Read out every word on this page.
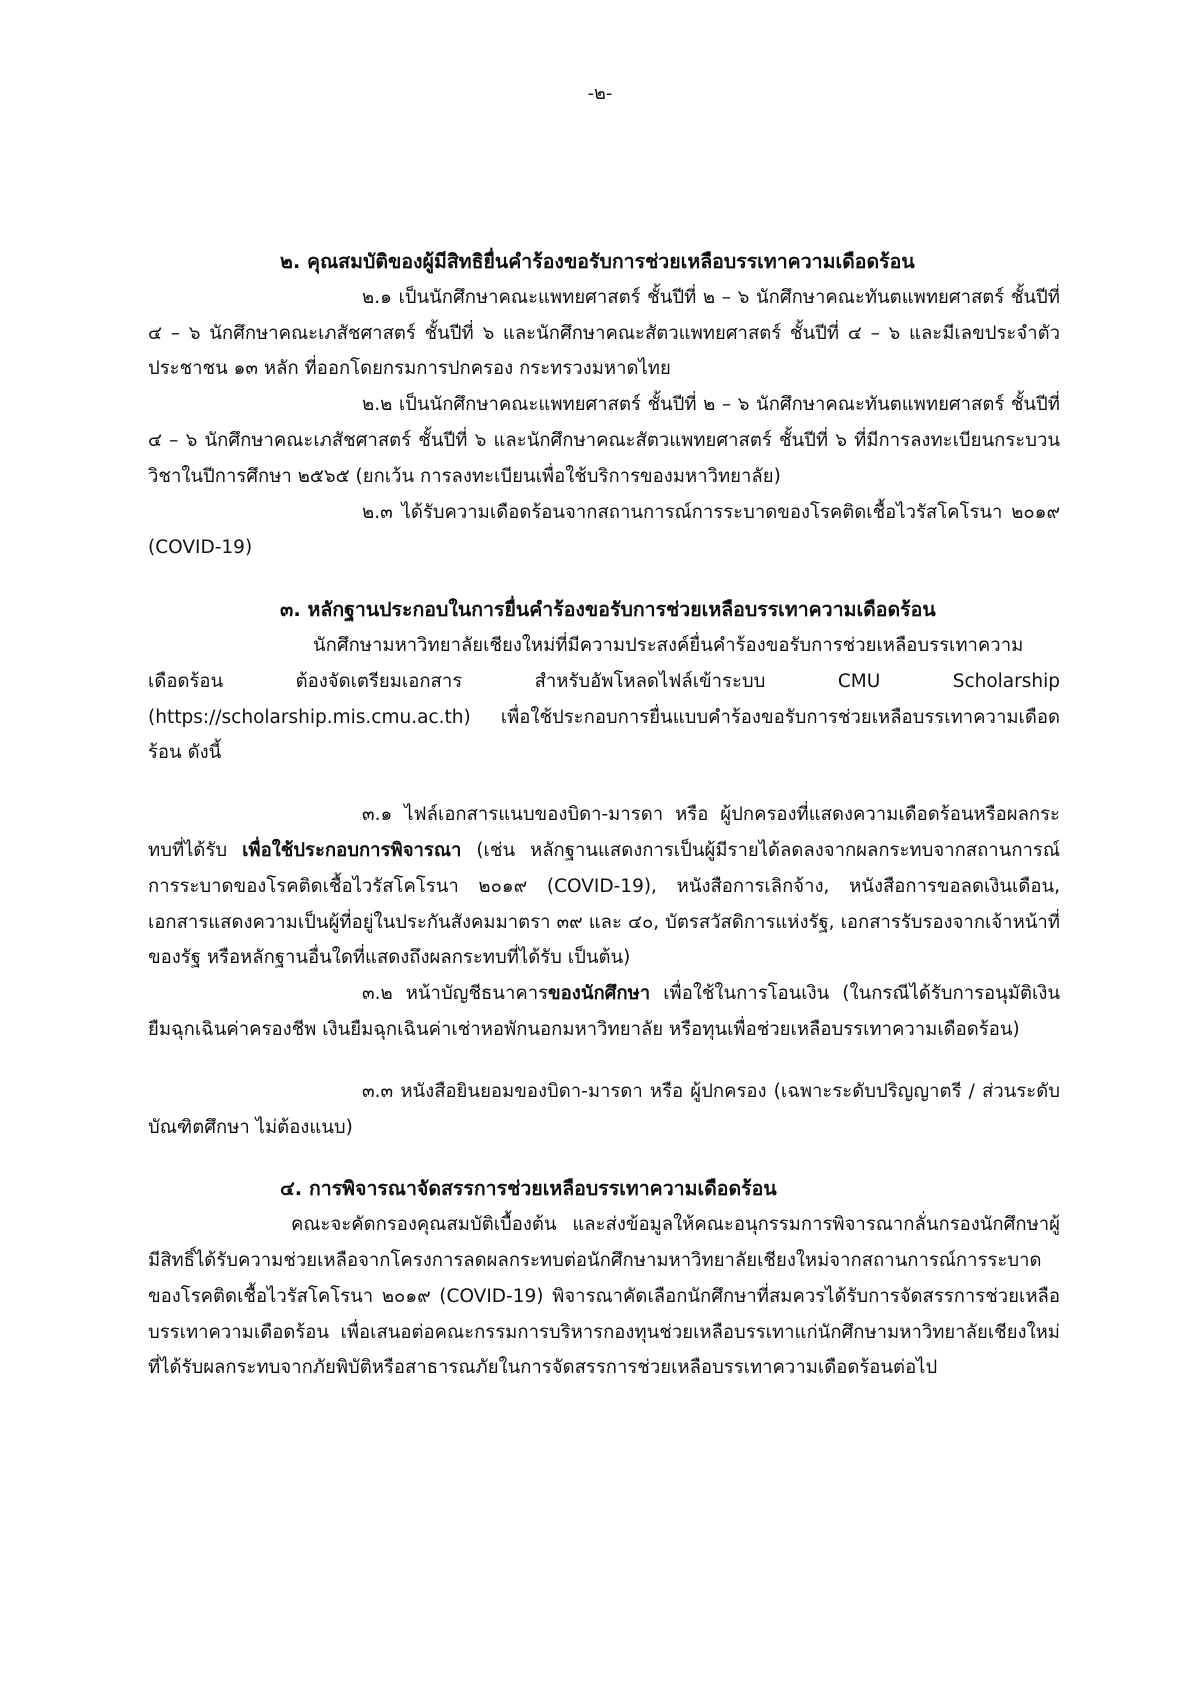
-๒-

๒. คุณสมบัติของผู้มีสิทธิยื่นคำร้องขอรับการช่วยเหลือบรรเทาความเดือดร้อน

๒.๑ เป็นนักศึกษาคณะแพทยศาสตร์ ชั้นปีที่ ๒ – ๖ นักศึกษาคณะทันตแพทยศาสตร์ ชั้นปีที่ ๔ – ๖ นักศึกษาคณะเภสัชศาสตร์ ชั้นปีที่ ๖ และนักศึกษาคณะสัตวแพทยศาสตร์ ชั้นปีที่ ๔ – ๖ และมีเลขประจำตัวประชาชน ๑๓ หลัก ที่ออกโดยกรมการปกครอง กระทรวงมหาดไทย

๒.๒ เป็นนักศึกษาคณะแพทยศาสตร์ ชั้นปีที่ ๒ – ๖ นักศึกษาคณะทันตแพทยศาสตร์ ชั้นปีที่ ๔ – ๖ นักศึกษาคณะเภสัชศาสตร์ ชั้นปีที่ ๖ และนักศึกษาคณะสัตวแพทยศาสตร์ ชั้นปีที่ ๖ ที่มีการลงทะเบียนกระบวนวิชาในปีการศึกษา ๒๕๖๕ (ยกเว้น การลงทะเบียนเพื่อใช้บริการของมหาวิทยาลัย)

๒.๓ ได้รับความเดือดร้อนจากสถานการณ์การระบาดของโรคติดเชื้อไวรัสโคโรนา ๒๐๑๙ (COVID-19)

๓. หลักฐานประกอบในการยื่นคำร้องขอรับการช่วยเหลือบรรเทาความเดือดร้อน

นักศึกษามหาวิทยาลัยเชียงใหม่ที่มีความประสงค์ยื่นคำร้องขอรับการช่วยเหลือบรรเทาความเดือดร้อน ต้องจัดเตรียมเอกสาร สำหรับอัพโหลดไฟล์เข้าระบบ CMU Scholarship (https://scholarship.mis.cmu.ac.th) เพื่อใช้ประกอบการยื่นแบบคำร้องขอรับการช่วยเหลือบรรเทาความเดือดร้อน ดังนี้

๓.๑ ไฟล์เอกสารแนบของบิดา-มารดา หรือ ผู้ปกครองที่แสดงความเดือดร้อนหรือผลกระทบที่ได้รับ เพื่อใช้ประกอบการพิจารณา (เช่น หลักฐานแสดงการเป็นผู้มีรายได้ลดลงจากผลกระทบจากสถานการณ์การระบาดของโรคติดเชื้อไวรัสโคโรนา ๒๐๑๙ (COVID-19), หนังสือการเลิกจ้าง, หนังสือการขอลดเงินเดือน, เอกสารแสดงความเป็นผู้ที่อยู่ในประกันสังคมมาตรา ๓๙ และ ๔๐, บัตรสวัสดิการแห่งรัฐ, เอกสารรับรองจากเจ้าหน้าที่ของรัฐ หรือหลักฐานอื่นใดที่แสดงถึงผลกระทบที่ได้รับ เป็นต้น)

๓.๒ หน้าบัญชีธนาคารของนักศึกษา เพื่อใช้ในการโอนเงิน (ในกรณีได้รับการอนุมัติเงินยืมฉุกเฉินค่าครองชีพ เงินยืมฉุกเฉินค่าเช่าหอพักนอกมหาวิทยาลัย หรือทุนเพื่อช่วยเหลือบรรเทาความเดือดร้อน)

๓.๓ หนังสือยินยอมของบิดา-มารดา หรือ ผู้ปกครอง (เฉพาะระดับปริญญาตรี / ส่วนระดับบัณฑิตศึกษา ไม่ต้องแนบ)

๔. การพิจารณาจัดสรรการช่วยเหลือบรรเทาความเดือดร้อน

คณะจะคัดกรองคุณสมบัติเบื้องต้น และส่งข้อมูลให้คณะอนุกรรมการพิจารณากลั่นกรองนักศึกษาผู้มีสิทธิ์ได้รับความช่วยเหลือจากโครงการลดผลกระทบต่อนักศึกษามหาวิทยาลัยเชียงใหม่จากสถานการณ์การระบาดของโรคติดเชื้อไวรัสโคโรนา ๒๐๑๙ (COVID-19) พิจารณาคัดเลือกนักศึกษาที่สมควรได้รับการจัดสรรการช่วยเหลือบรรเทาความเดือดร้อน เพื่อเสนอต่อคณะกรรมการบริหารกองทุนช่วยเหลือบรรเทาแก่นักศึกษามหาวิทยาลัยเชียงใหม่ที่ได้รับผลกระทบจากภัยพิบัติหรือสาธารณภัยในการจัดสรรการช่วยเหลือบรรเทาความเดือดร้อนต่อไป
